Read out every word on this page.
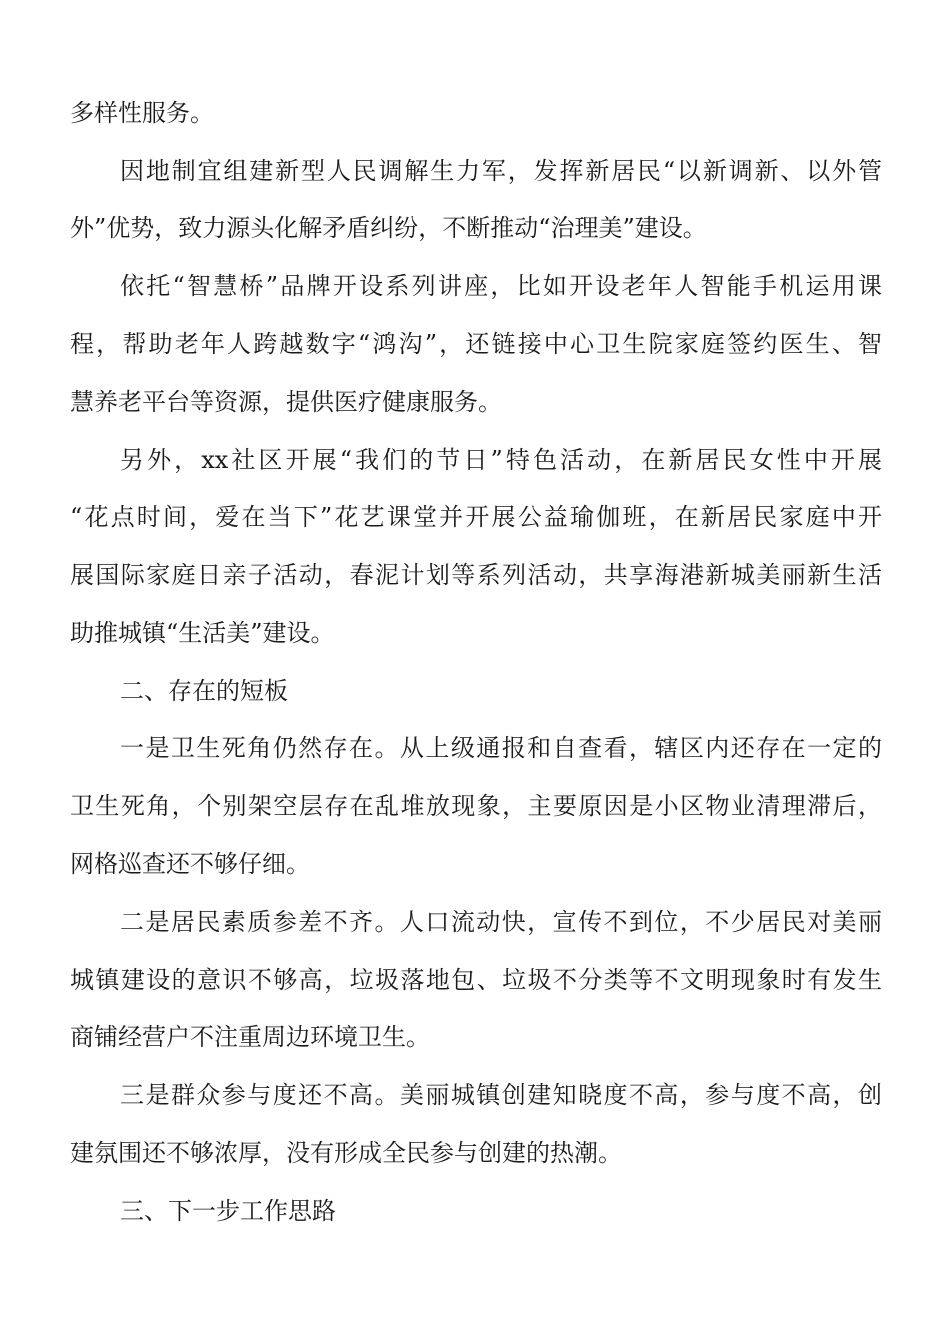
多样性服务。
因地制宜组建新型人民调解生力军，发挥新居民“以新调新、以外管
外”优势，致力源头化解矛盾纠纷，不断推动“治理美”建设。
依托“智慧桥”品牌开设系列讲座，比如开设老年人智能手机运用课
程，帮助老年人跨越数字“鸿沟”，还链接中心卫生院家庭签约医生、智
慧养老平台等资源，提供医疗健康服务。
另外，xx社区开展“我们的节日”特色活动，在新居民女性中开展
“花点时间，爱在当下”花艺课堂并开展公益瑜伽班，在新居民家庭中开
展国际家庭日亲子活动，春泥计划等系列活动，共享海港新城美丽新生活
助推城镇“生活美”建设。
二、存在的短板
一是卫生死角仍然存在。从上级通报和自查看，辖区内还存在一定的
卫生死角，个别架空层存在乱堆放现象，主要原因是小区物业清理滞后，
网格巡查还不够仔细。
二是居民素质参差不齐。人口流动快，宣传不到位，不少居民对美丽
城镇建设的意识不够高，垃圾落地包、垃圾不分类等不文明现象时有发生
商铺经营户不注重周边环境卫生。
三是群众参与度还不高。美丽城镇创建知晓度不高，参与度不高，创
建氛围还不够浓厚，没有形成全民参与创建的热潮。
三、下一步工作思路
